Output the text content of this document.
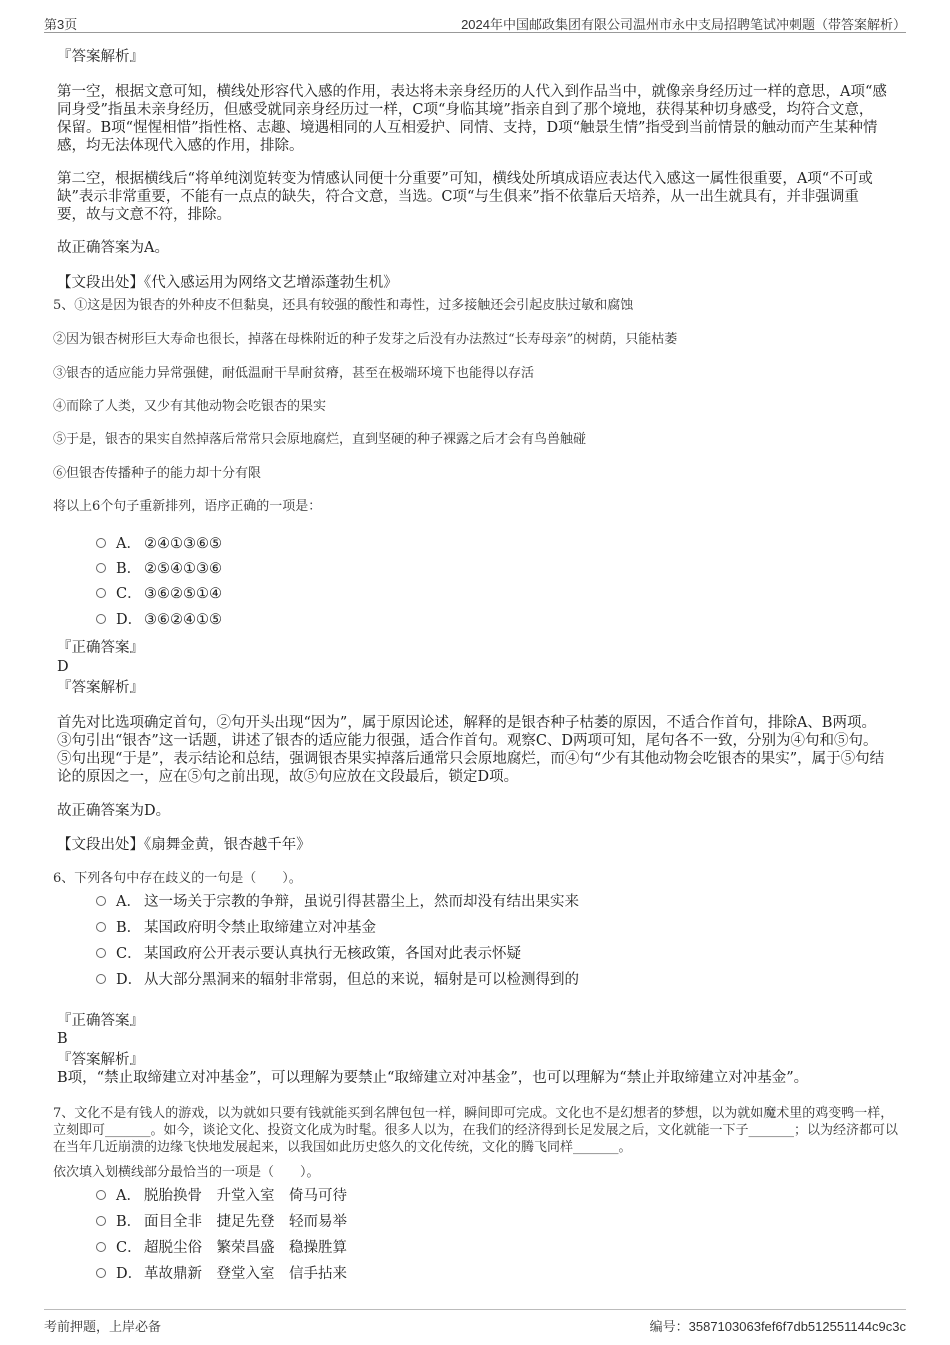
第3页	2024年中国邮政集团有限公司温州市永中支局招聘笔试冲刺题（带答案解析）
『答案解析』
第一空，根据文意可知，横线处形容代入感的作用，表达将未亲身经历的人代入到作品当中，就像亲身经历过一样的意思，A项“感同身受”指虽未亲身经历，但感受就同亲身经历过一样，C项“身临其境”指亲自到了那个境地，获得某种切身感受，均符合文意，保留。B项“惺惺相惜”指性格、志趣、境遇相同的人互相爱护、同情、支持，D项“触景生情”指受到当前情景的触动而产生某种情感，均无法体现代入感的作用，排除。
第二空，根据横线后“将单纯浏览转变为情感认同便十分重要”可知，横线处所填成语应表达代入感这一属性很重要，A项“不可或缺”表示非常重要，不能有一点点的缺失，符合文意，当选。C项“与生俱来”指不依靠后天培养，从一出生就具有，并非强调重要，故与文意不符，排除。
故正确答案为A。
【文段出处】《代入感运用为网络文艺增添蓬勃生机》
5、①这是因为银杏的外种皮不但黏臭，还具有较强的酸性和毒性，过多接触还会引起皮肤过敏和腐蚀
②因为银杏树形巨大寿命也很长，掉落在母株附近的种子发芽之后没有办法熬过“长寿母亲”的树荫，只能枯萎
③银杏的适应能力异常强健，耐低温耐干旱耐贫瘠，甚至在极端环境下也能得以存活
④而除了人类，又少有其他动物会吃银杏的果实
⑤于是，银杏的果实自然掉落后常常只会原地腐烂，直到坚硬的种子裸露之后才会有鸟兽触碰
⑥但银杏传播种子的能力却十分有限
将以上6个句子重新排列，语序正确的一项是：
A． ②④①③⑥⑤
B． ②⑤④①③⑥
C． ③⑥②⑤①④
D． ③⑥②④①⑤
『正确答案』
D
『答案解析』
首先对比选项确定首句，②句开头出现“因为”，属于原因论述，解释的是银杏种子枯萎的原因，不适合作首句，排除A、B两项。③句引出“银杏”这一话题，讲述了银杏的适应能力很强，适合作首句。观察C、D两项可知，尾句各不一致，分别为④句和⑤句。⑤句出现“于是”，表示结论和总结，强调银杏果实掉落后通常只会原地腐烂，而④句“少有其他动物会吃银杏的果实”，属于⑤句结论的原因之一，应在⑤句之前出现，故⑤句应放在文段最后，锁定D项。
故正确答案为D。
【文段出处】《扇舞金黄，银杏越千年》
6、下列各句中存在歧义的一句是（　　）。
A． 这一场关于宗教的争辩，虽说引得甚嚣尘上，然而却没有结出果实来
B． 某国政府明令禁止取缔建立对冲基金
C． 某国政府公开表示要认真执行无核政策，各国对此表示怀疑
D． 从大部分黑洞来的辐射非常弱，但总的来说，辐射是可以检测得到的
『正确答案』
B
『答案解析』
B项，“禁止取缔建立对冲基金”，可以理解为要禁止“取缔建立对冲基金”，也可以理解为“禁止并取缔建立对冲基金”。
7、文化不是有钱人的游戏，以为就如只要有钱就能买到名牌包包一样，瞬间即可完成。文化也不是幻想者的梦想，以为就如魔术里的鸡变鸭一样，立刻即可_______。如今，谈论文化、投资文化成为时髦。很多人以为，在我们的经济得到长足发展之后，文化就能一下子_______；以为经济都可以在当年几近崩溃的边缘飞快地发展起来，以我国如此历史悠久的文化传统，文化的腾飞同样_______。
依次填入划横线部分最恰当的一项是（　　）。
A． 脱胎换骨　升堂入室　倚马可待
B． 面目全非　捷足先登　轻而易举
C． 超脱尘俗　繁荣昌盛　稳操胜算
D． 革故鼎新　登堂入室　信手拈来
考前押题，上岸必备	编号：3587103063fef6f7db512551144c9c3c
